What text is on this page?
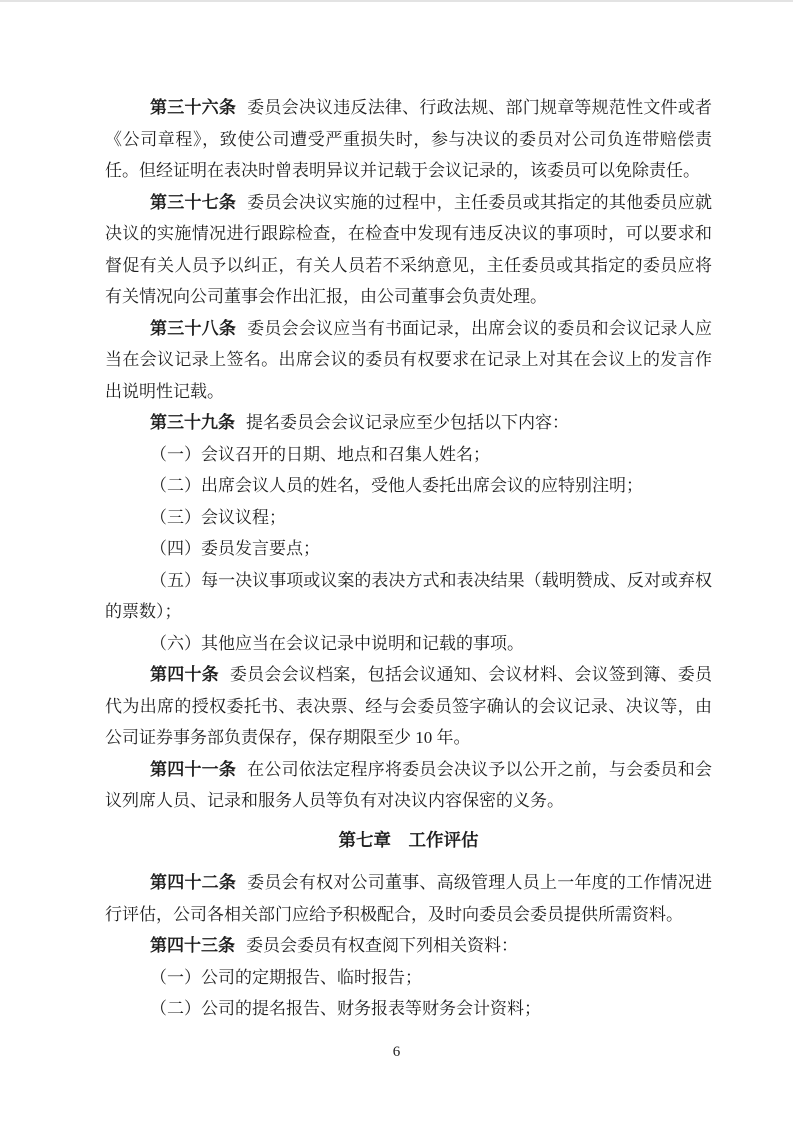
第三十六条 委员会决议违反法律、行政法规、部门规章等规范性文件或者《公司章程》，致使公司遭受严重损失时，参与决议的委员对公司负连带赔偿责任。但经证明在表决时曾表明异议并记载于会议记录的，该委员可以免除责任。

第三十七条 委员会决议实施的过程中，主任委员或其指定的其他委员应就决议的实施情况进行跟踪检查，在检查中发现有违反决议的事项时，可以要求和督促有关人员予以纠正，有关人员若不采纳意见，主任委员或其指定的委员应将有关情况向公司董事会作出汇报，由公司董事会负责处理。

第三十八条 委员会会议应当有书面记录，出席会议的委员和会议记录人应当在会议记录上签名。出席会议的委员有权要求在记录上对其在会议上的发言作出说明性记载。

第三十九条 提名委员会会议记录应至少包括以下内容：

（一）会议召开的日期、地点和召集人姓名；

（二）出席会议人员的姓名，受他人委托出席会议的应特别注明；

（三）会议议程；

（四）委员发言要点；

（五）每一决议事项或议案的表决方式和表决结果（载明赞成、反对或弃权的票数）；

（六）其他应当在会议记录中说明和记载的事项。

第四十条 委员会会议档案，包括会议通知、会议材料、会议签到簿、委员代为出席的授权委托书、表决票、经与会委员签字确认的会议记录、决议等，由公司证券事务部负责保存，保存期限至少 10 年。

第四十一条 在公司依法定程序将委员会决议予以公开之前，与会委员和会议列席人员、记录和服务人员等负有对决议内容保密的义务。

第七章　工作评估

第四十二条 委员会有权对公司董事、高级管理人员上一年度的工作情况进行评估，公司各相关部门应给予积极配合，及时向委员会委员提供所需资料。

第四十三条 委员会委员有权查阅下列相关资料：

（一）公司的定期报告、临时报告；

（二）公司的提名报告、财务报表等财务会计资料；

6
